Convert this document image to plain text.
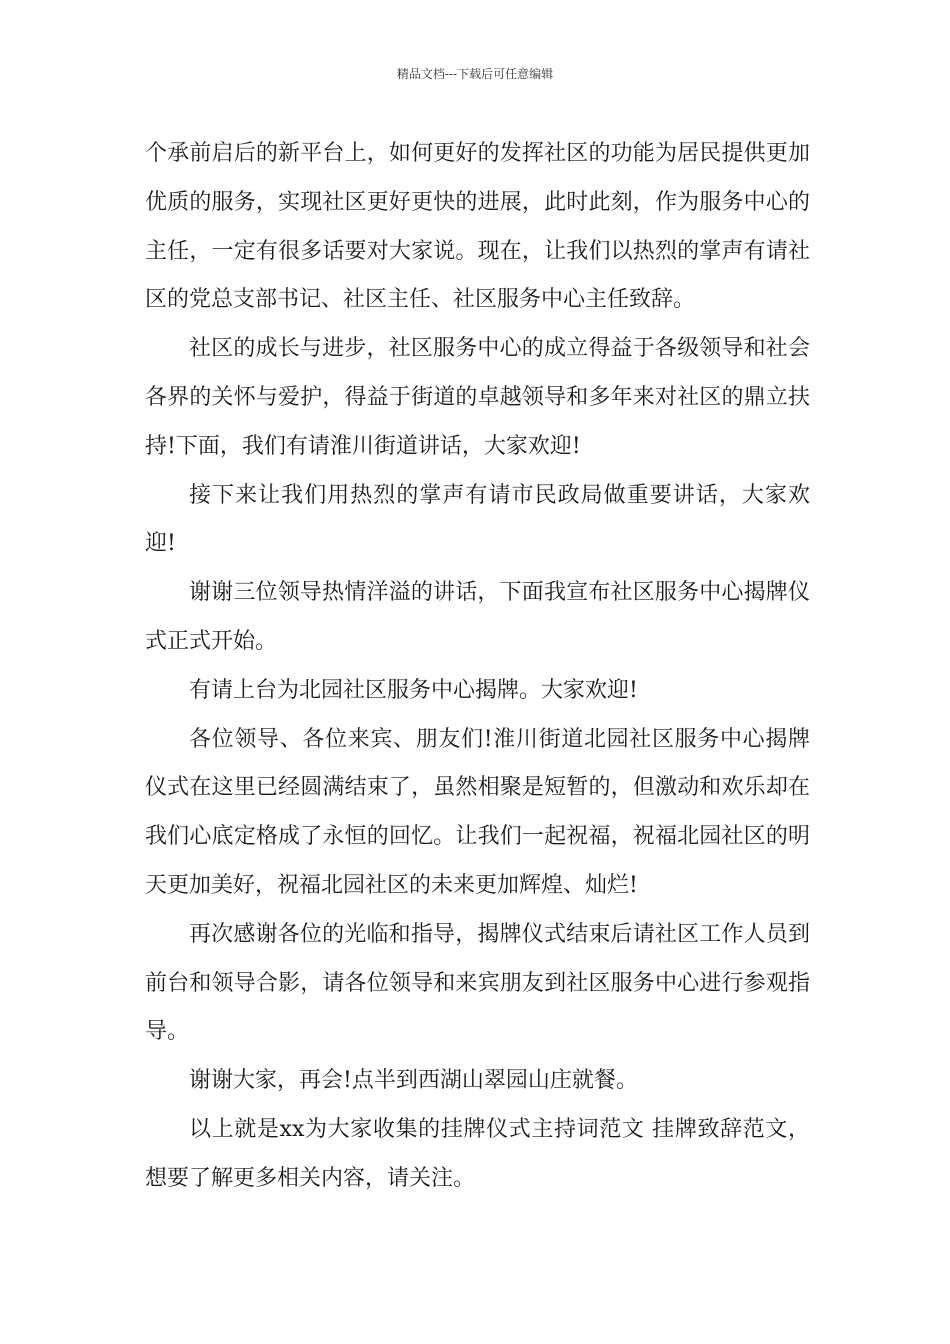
精品文档---下载后可任意编辑

个承前启后的新平台上，如何更好的发挥社区的功能为居民提供更加优质的服务，实现社区更好更快的进展，此时此刻，作为服务中心的主任，一定有很多话要对大家说。现在，让我们以热烈的掌声有请社区的党总支部书记、社区主任、社区服务中心主任致辞。

社区的成长与进步，社区服务中心的成立得益于各级领导和社会各界的关怀与爱护，得益于街道的卓越领导和多年来对社区的鼎立扶持!下面，我们有请淮川街道讲话，大家欢迎!

接下来让我们用热烈的掌声有请市民政局做重要讲话，大家欢迎!

谢谢三位领导热情洋溢的讲话，下面我宣布社区服务中心揭牌仪式正式开始。

有请上台为北园社区服务中心揭牌。大家欢迎!

各位领导、各位来宾、朋友们!淮川街道北园社区服务中心揭牌仪式在这里已经圆满结束了，虽然相聚是短暂的，但激动和欢乐却在我们心底定格成了永恒的回忆。让我们一起祝福，祝福北园社区的明天更加美好，祝福北园社区的未来更加辉煌、灿烂!

再次感谢各位的光临和指导，揭牌仪式结束后请社区工作人员到前台和领导合影，请各位领导和来宾朋友到社区服务中心进行参观指导。

谢谢大家，再会!点半到西湖山翠园山庄就餐。

以上就是xx为大家收集的挂牌仪式主持词范文 挂牌致辞范文，想要了解更多相关内容，请关注。
